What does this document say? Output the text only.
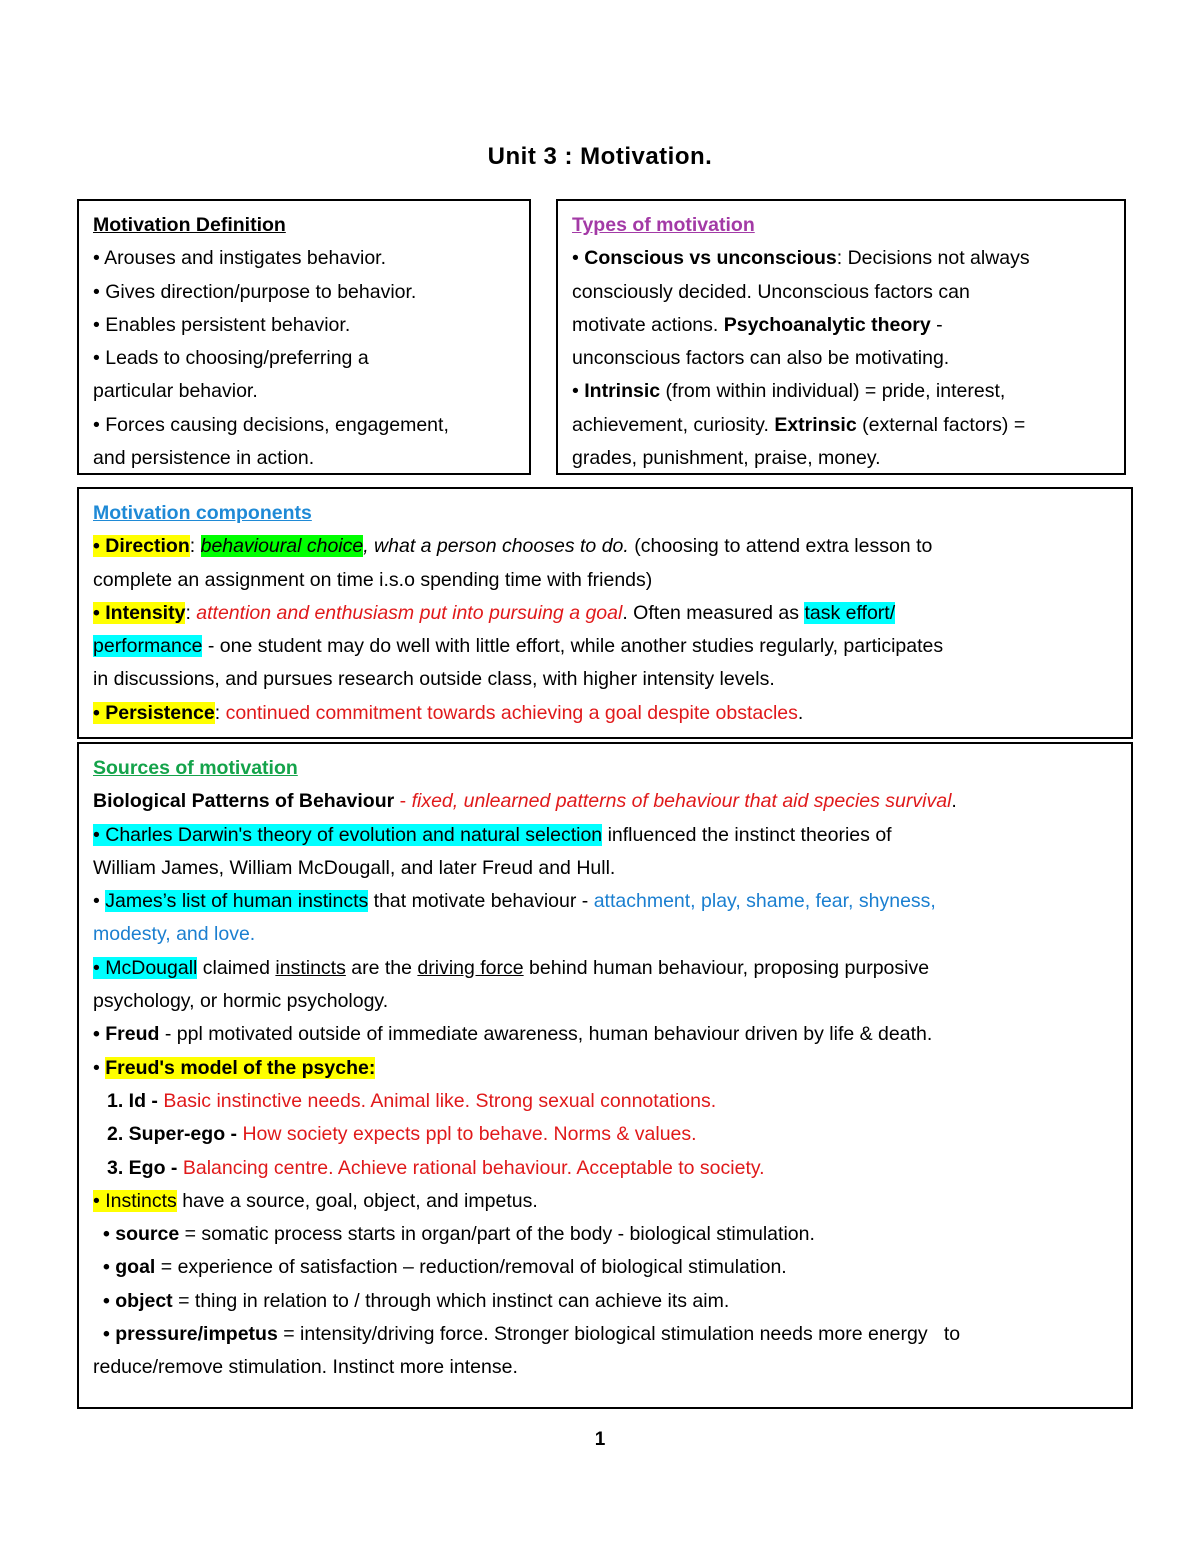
Unit 3 : Motivation.
Motivation Definition
• Arouses and instigates behavior.
• Gives direction/purpose to behavior.
• Enables persistent behavior.
• Leads to choosing/preferring a
particular behavior.
• Forces causing decisions, engagement,
and persistence in action.
Types of motivation
• Conscious vs unconscious: Decisions not always
consciously decided. Unconscious factors can
motivate actions. Psychoanalytic theory -
unconscious factors can also be motivating.
• Intrinsic (from within individual) = pride, interest,
achievement, curiosity. Extrinsic (external factors) =
grades, punishment, praise, money.
Motivation components
• Direction: behavioural choice, what a person chooses to do. (choosing to attend extra lesson to
complete an assignment on time i.s.o spending time with friends)
• Intensity: attention and enthusiasm put into pursuing a goal. Often measured as task effort/
performance - one student may do well with little effort, while another studies regularly, participates
in discussions, and pursues research outside class, with higher intensity levels.
• Persistence: continued commitment towards achieving a goal despite obstacles.
Sources of motivation
Biological Patterns of Behaviour - fixed, unlearned patterns of behaviour that aid species survival.
• Charles Darwin's theory of evolution and natural selection influenced the instinct theories of
William James, William McDougall, and later Freud and Hull.
• James’s list of human instincts that motivate behaviour - attachment, play, shame, fear, shyness,
modesty, and love.
• McDougall claimed instincts are the driving force behind human behaviour, proposing purposive
psychology, or hormic psychology.
• Freud - ppl motivated outside of immediate awareness, human behaviour driven by life & death.
• Freud's model of the psyche:
1. Id - Basic instinctive needs. Animal like. Strong sexual connotations.
2. Super-ego - How society expects ppl to behave. Norms & values.
3. Ego - Balancing centre. Achieve rational behaviour. Acceptable to society.
• Instincts have a source, goal, object, and impetus.
• source = somatic process starts in organ/part of the body - biological stimulation.
• goal = experience of satisfaction – reduction/removal of biological stimulation.
• object = thing in relation to / through which instinct can achieve its aim.
• pressure/impetus = intensity/driving force. Stronger biological stimulation needs more energy   to
reduce/remove stimulation. Instinct more intense.
1
